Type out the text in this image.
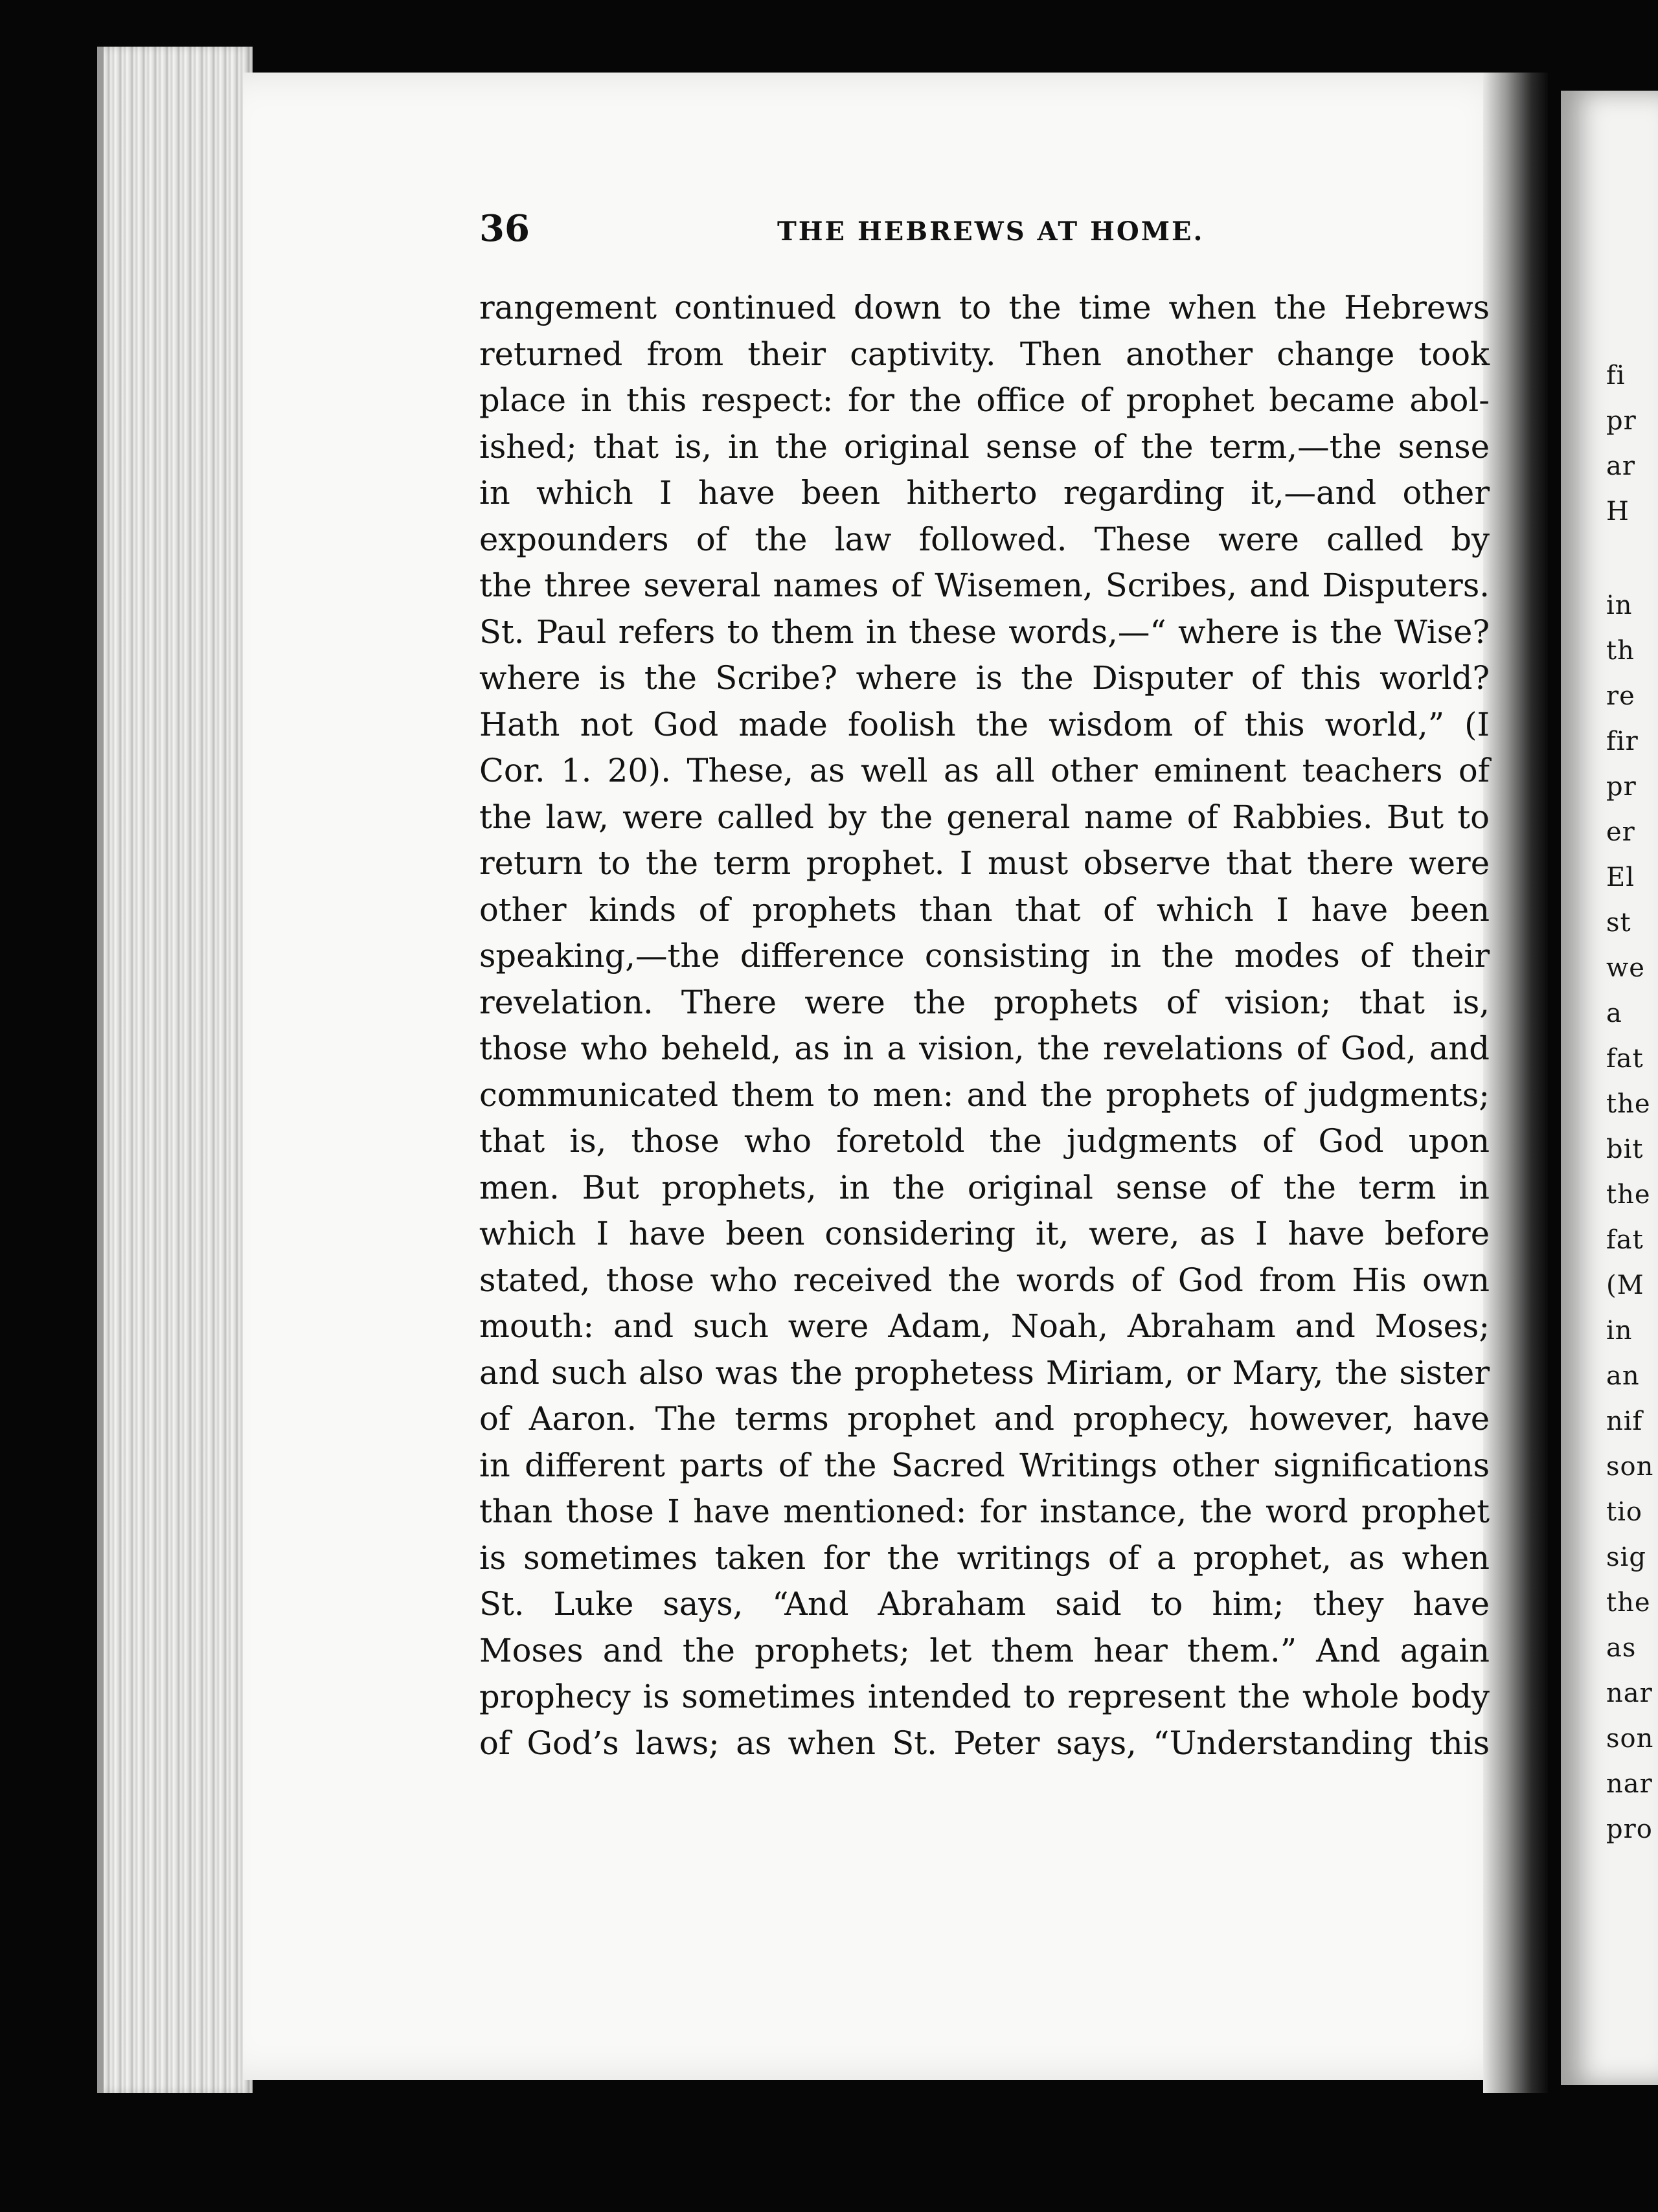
36	THE HEBREWS AT HOME.
rangement continued down to the time when the Hebrews
returned from their captivity. Then another change took
place in this respect: for the office of prophet became abol-
ished; that is, in the original sense of the term,—the sense
in which I have been hitherto regarding it,—and other
expounders of the law followed. These were called by
the three several names of Wisemen, Scribes, and Disputers.
St. Paul refers to them in these words,—“ where is the Wise?
where is the Scribe? where is the Disputer of this world?
Hath not God made foolish the wisdom of this world,” (I
Cor. 1. 20). These, as well as all other eminent teachers of
the law, were called by the general name of Rabbies. But to
return to the term prophet. I must observe that there were
other kinds of prophets than that of which I have been
speaking,—the difference consisting in the modes of their
revelation. There were the prophets of vision; that is,
those who beheld, as in a vision, the revelations of God, and
communicated them to men: and the prophets of judgments;
that is, those who foretold the judgments of God upon
men. But prophets, in the original sense of the term in
which I have been considering it, were, as I have before
stated, those who received the words of God from His own
mouth: and such were Adam, Noah, Abraham and Moses;
and such also was the prophetess Miriam, or Mary, the sister
of Aaron. The terms prophet and prophecy, however, have
in different parts of the Sacred Writings other significations
than those I have mentioned: for instance, the word prophet
is sometimes taken for the writings of a prophet, as when
St. Luke says, “And Abraham said to him; they have
Moses and the prophets; let them hear them.” And again
prophecy is sometimes intended to represent the whole body
of God’s laws; as when St. Peter says, “Understanding this
fi
pr
ar
H
in
th
re
fir
pr
er
El
st
we
a
fat
the
bit
the
fat
(M
in
an
nif
son
tio
sig
the
as
nar
son
nar
pro
